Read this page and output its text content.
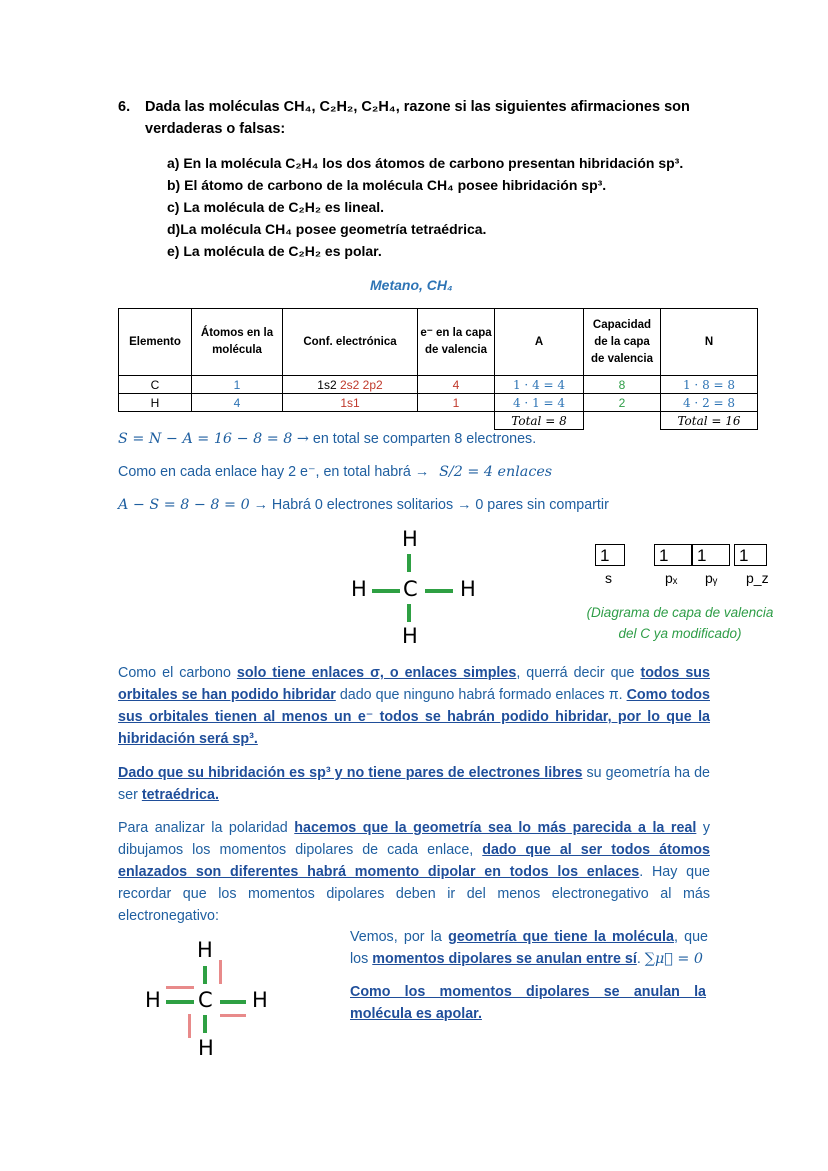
6. Dada las moléculas CH₄, C₂H₂, C₂H₄, razone si las siguientes afirmaciones son
verdaderas o falsas:
a) En la molécula C₂H₄ los dos átomos de carbono presentan hibridación sp³.
b) El átomo de carbono de la molécula CH₄ posee hibridación sp³.
c) La molécula de C₂H₂ es lineal.
d)La molécula CH₄ posee geometría tetraédrica.
e) La molécula de C₂H₂ es polar.
Metano, CH₄
Elemento	Átomos en la molécula	Conf. electrónica	e⁻ en la capa de valencia	A	Capacidad de la capa de valencia	N
C	1	1s2 2s2 2p2	4	1 · 4 = 4	8	1 · 8 = 8
H	4	1s1	1	4 · 1 = 4	2	4 · 2 = 8
				Total = 8		Total = 16
S = N − A = 16 − 8 = 8 → en total se comparten 8 electrones.
Como en cada enlace hay 2 e⁻, en total habrá → S/2 = 4 enlaces
A − S = 8 − 8 = 0 → Habrá 0 electrones solitarios → 0 pares sin compartir
H
H C H
H
1	1	1	1
s	pₓ pᵧ p_z
(Diagrama de capa de valencia
del C ya modificado)

Como el carbono solo tiene enlaces σ, o enlaces simples, querrá decir que todos sus orbitales se han podido hibridar dado que ninguno habrá formado enlaces π. Como todos sus orbitales tienen al menos un e⁻ todos se habrán podido hibridar, por lo que la hibridación será sp³.

Dado que su hibridación es sp³ y no tiene pares de electrones libres su geometría ha de ser tetraédrica.

Para analizar la polaridad hacemos que la geometría sea lo más parecida a la real y dibujamos los momentos dipolares de cada enlace, dado que al ser todos átomos enlazados son diferentes habrá momento dipolar en todos los enlaces. Hay que recordar que los momentos dipolares deben ir del menos electronegativo al más electronegativo:

H
H C H
H

Vemos, por la geometría que tiene la molécula, que los momentos dipolares se anulan entre sí. ∑μ⃗ = 0

Como los momentos dipolares se anulan la molécula es apolar.
